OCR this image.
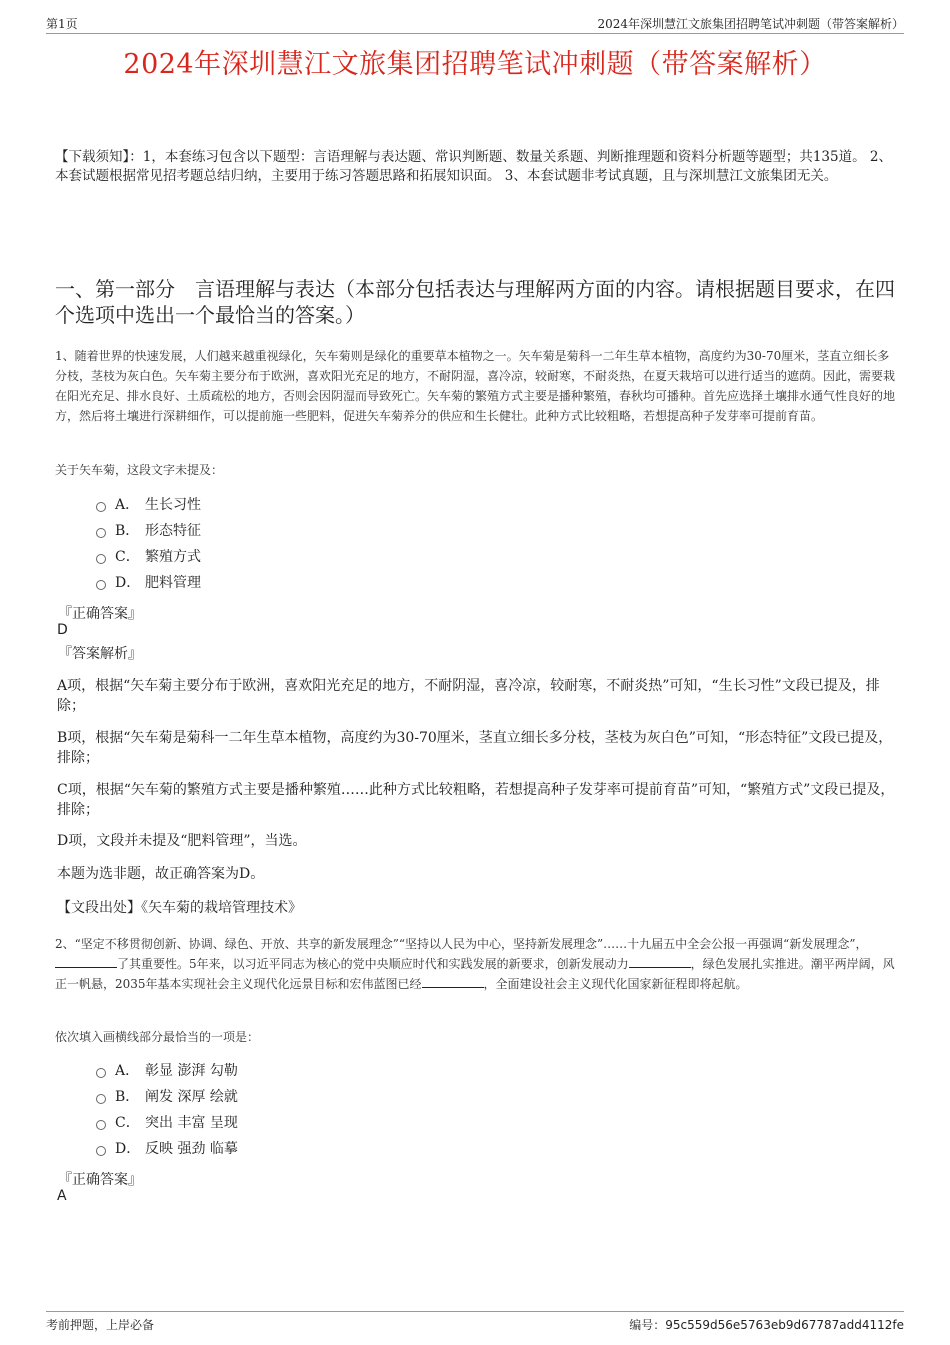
第1页	2024年深圳慧江文旅集团招聘笔试冲刺题（带答案解析）
2024年深圳慧江文旅集团招聘笔试冲刺题（带答案解析）
【下载须知】：1，本套练习包含以下题型：言语理解与表达题、常识判断题、数量关系题、判断推理题和资料分析题等题型；共135道。 2、本套试题根据常见招考题总结归纳，主要用于练习答题思路和拓展知识面。 3、本套试题非考试真题，且与深圳慧江文旅集团无关。
一、第一部分　言语理解与表达（本部分包括表达与理解两方面的内容。请根据题目要求，在四个选项中选出一个最恰当的答案。）
1、随着世界的快速发展，人们越来越重视绿化，矢车菊则是绿化的重要草本植物之一。矢车菊是菊科一二年生草本植物，高度约为30-70厘米，茎直立细长多分枝，茎枝为灰白色。矢车菊主要分布于欧洲，喜欢阳光充足的地方，不耐阴湿，喜冷凉，较耐寒，不耐炎热，在夏天栽培可以进行适当的遮荫。因此，需要栽在阳光充足、排水良好、土质疏松的地方，否则会因阴湿而导致死亡。矢车菊的繁殖方式主要是播种繁殖，春秋均可播种。首先应选择土壤排水通气性良好的地方，然后将土壤进行深耕细作，可以提前施一些肥料，促进矢车菊养分的供应和生长健壮。此种方式比较粗略，若想提高种子发芽率可提前育苗。
关于矢车菊，这段文字未提及：
A． 生长习性
B． 形态特征
C． 繁殖方式
D． 肥料管理
『正确答案』
D
『答案解析』
A项，根据“矢车菊主要分布于欧洲，喜欢阳光充足的地方，不耐阴湿，喜冷凉，较耐寒，不耐炎热”可知，“生长习性”文段已提及，排除；
B项，根据“矢车菊是菊科一二年生草本植物，高度约为30-70厘米，茎直立细长多分枝，茎枝为灰白色”可知，“形态特征”文段已提及，排除；
C项，根据“矢车菊的繁殖方式主要是播种繁殖……此种方式比较粗略，若想提高种子发芽率可提前育苗”可知，“繁殖方式”文段已提及，排除；
D项，文段并未提及“肥料管理”，当选。
本题为选非题，故正确答案为D。
【文段出处】《矢车菊的栽培管理技术》
2、“坚定不移贯彻创新、协调、绿色、开放、共享的新发展理念”“坚持以人民为中心，坚持新发展理念”……十九届五中全会公报一再强调“新发展理念”，了其重要性。5年来，以习近平同志为核心的党中央顺应时代和实践发展的新要求，创新发展动力	，绿色发展扎实推进。潮平两岸阔，风正一帆悬，2035年基本实现社会主义现代化远景目标和宏伟蓝图已经	，全面建设社会主义现代化国家新征程即将起航。
依次填入画横线部分最恰当的一项是：
A． 彰显 澎湃 勾勒
B． 阐发 深厚 绘就
C． 突出 丰富 呈现
D． 反映 强劲 临摹
『正确答案』
A
考前押题，上岸必备	编号：95c559d56e5763eb9d67787add4112fe
